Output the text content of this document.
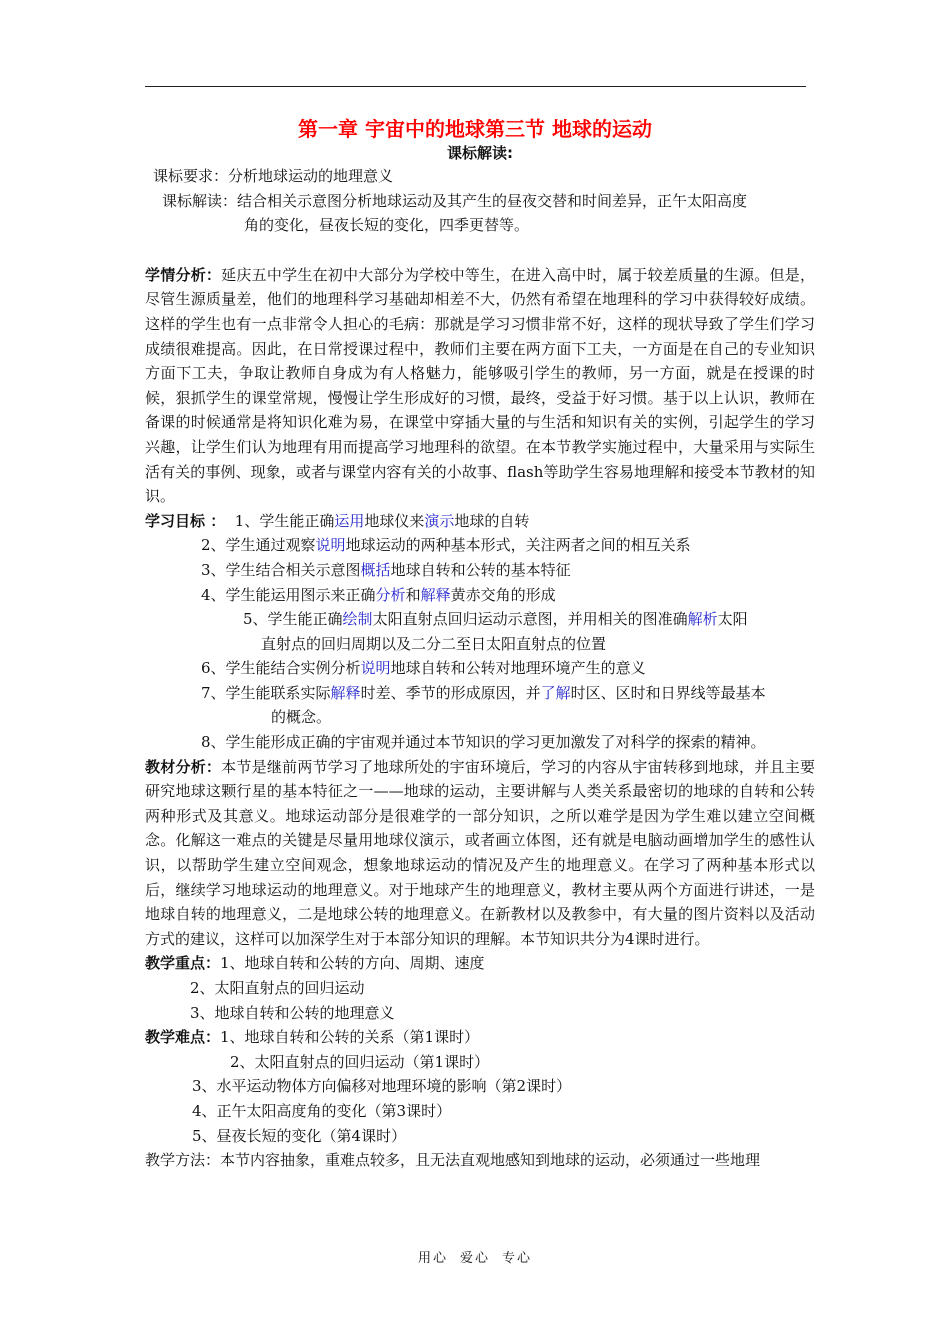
第一章 宇宙中的地球第三节 地球的运动
课标解读:
课标要求：分析地球运动的地理意义
课标解读：结合相关示意图分析地球运动及其产生的昼夜交替和时间差异，正午太阳高度
角的变化，昼夜长短的变化，四季更替等。
学情分析：延庆五中学生在初中大部分为学校中等生，在进入高中时，属于较差质量的生源。但是，尽管生源质量差，他们的地理科学习基础却相差不大，仍然有希望在地理科的学习中获得较好成绩。这样的学生也有一点非常令人担心的毛病：那就是学习习惯非常不好，这样的现状导致了学生们学习成绩很难提高。因此，在日常授课过程中，教师们主要在两方面下工夫，一方面是在自己的专业知识方面下工夫，争取让教师自身成为有人格魅力，能够吸引学生的教师，另一方面，就是在授课的时候，狠抓学生的课堂常规，慢慢让学生形成好的习惯，最终，受益于好习惯。基于以上认识，教师在备课的时候通常是将知识化难为易，在课堂中穿插大量的与生活和知识有关的实例，引起学生的学习兴趣，让学生们认为地理有用而提高学习地理科的欲望。在本节教学实施过程中，大量采用与实际生活有关的事例、现象，或者与课堂内容有关的小故事、flash等助学生容易地理解和接受本节教材的知识。
学习目标 ： 1、学生能正确运用地球仪来演示地球的自转
2、学生通过观察说明地球运动的两种基本形式，关注两者之间的相互关系
3、学生结合相关示意图概括地球自转和公转的基本特征
4、学生能运用图示来正确分析和解释黄赤交角的形成
5、学生能正确绘制太阳直射点回归运动示意图，并用相关的图准确解析太阳
直射点的回归周期以及二分二至日太阳直射点的位置
6、学生能结合实例分析说明地球自转和公转对地理环境产生的意义
7、学生能联系实际解释时差、季节的形成原因，并了解时区、区时和日界线等最基本
的概念。
8、学生能形成正确的宇宙观并通过本节知识的学习更加激发了对科学的探索的精神。
教材分析：本节是继前两节学习了地球所处的宇宙环境后，学习的内容从宇宙转移到地球，并且主要研究地球这颗行星的基本特征之一——地球的运动，主要讲解与人类关系最密切的地球的自转和公转两种形式及其意义。地球运动部分是很难学的一部分知识，之所以难学是因为学生难以建立空间概念。化解这一难点的关键是尽量用地球仪演示，或者画立体图，还有就是电脑动画增加学生的感性认识，以帮助学生建立空间观念，想象地球运动的情况及产生的地理意义。在学习了两种基本形式以后，继续学习地球运动的地理意义。对于地球产生的地理意义，教材主要从两个方面进行讲述，一是地球自转的地理意义，二是地球公转的地理意义。在新教材以及教参中，有大量的图片资料以及活动方式的建议，这样可以加深学生对于本部分知识的理解。本节知识共分为4课时进行。
教学重点：1、地球自转和公转的方向、周期、速度
2、太阳直射点的回归运动
3、地球自转和公转的地理意义
教学难点：1、地球自转和公转的关系（第1课时）
2、太阳直射点的回归运动（第1课时）
3、水平运动物体方向偏移对地理环境的影响（第2课时）
4、正午太阳高度角的变化（第3课时）
5、昼夜长短的变化（第4课时）
教学方法：本节内容抽象，重难点较多，且无法直观地感知到地球的运动，必须通过一些地理
用心 爱心 专心
